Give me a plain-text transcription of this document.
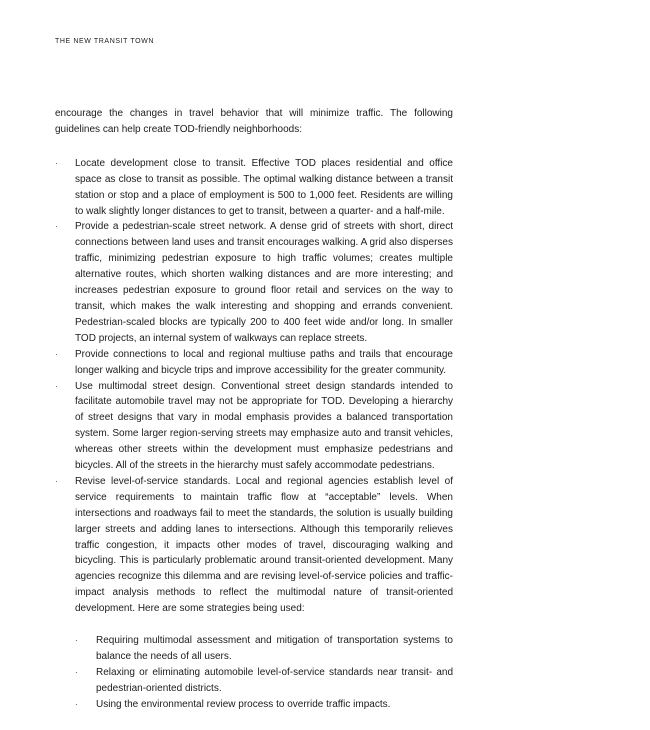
THE NEW TRANSIT TOWN

encourage the changes in travel behavior that will minimize traffic. The following guidelines can help create TOD-friendly neighborhoods:

· Locate development close to transit. Effective TOD places residential and office space as close to transit as possible. The optimal walking distance between a transit station or stop and a place of employment is 500 to 1,000 feet. Residents are willing to walk slightly longer distances to get to transit, between a quarter- and a half-mile.
· Provide a pedestrian-scale street network. A dense grid of streets with short, direct connections between land uses and transit encourages walking. A grid also disperses traffic, minimizing pedestrian exposure to high traffic volumes; creates multiple alternative routes, which shorten walking distances and are more interesting; and increases pedestrian exposure to ground floor retail and services on the way to transit, which makes the walk interesting and shopping and errands convenient. Pedestrian-scaled blocks are typically 200 to 400 feet wide and/or long. In smaller TOD projects, an internal system of walkways can replace streets.
· Provide connections to local and regional multiuse paths and trails that encourage longer walking and bicycle trips and improve accessibility for the greater community.
· Use multimodal street design. Conventional street design standards intended to facilitate automobile travel may not be appropriate for TOD. Developing a hierarchy of street designs that vary in modal emphasis provides a balanced transportation system. Some larger region-serving streets may emphasize auto and transit vehicles, whereas other streets within the development must emphasize pedestrians and bicycles. All of the streets in the hierarchy must safely accommodate pedestrians.
· Revise level-of-service standards. Local and regional agencies establish level of service requirements to maintain traffic flow at “acceptable” levels. When intersections and roadways fail to meet the standards, the solution is usually building larger streets and adding lanes to intersections. Although this temporarily relieves traffic congestion, it impacts other modes of travel, discouraging walking and bicycling. This is particularly problematic around transit-oriented development. Many agencies recognize this dilemma and are revising level-of-service policies and traffic-impact analysis methods to reflect the multimodal nature of transit-oriented development. Here are some strategies being used:
· Requiring multimodal assessment and mitigation of transportation systems to balance the needs of all users.
· Relaxing or eliminating automobile level-of-service standards near transit- and pedestrian-oriented districts.
· Using the environmental review process to override traffic impacts.
